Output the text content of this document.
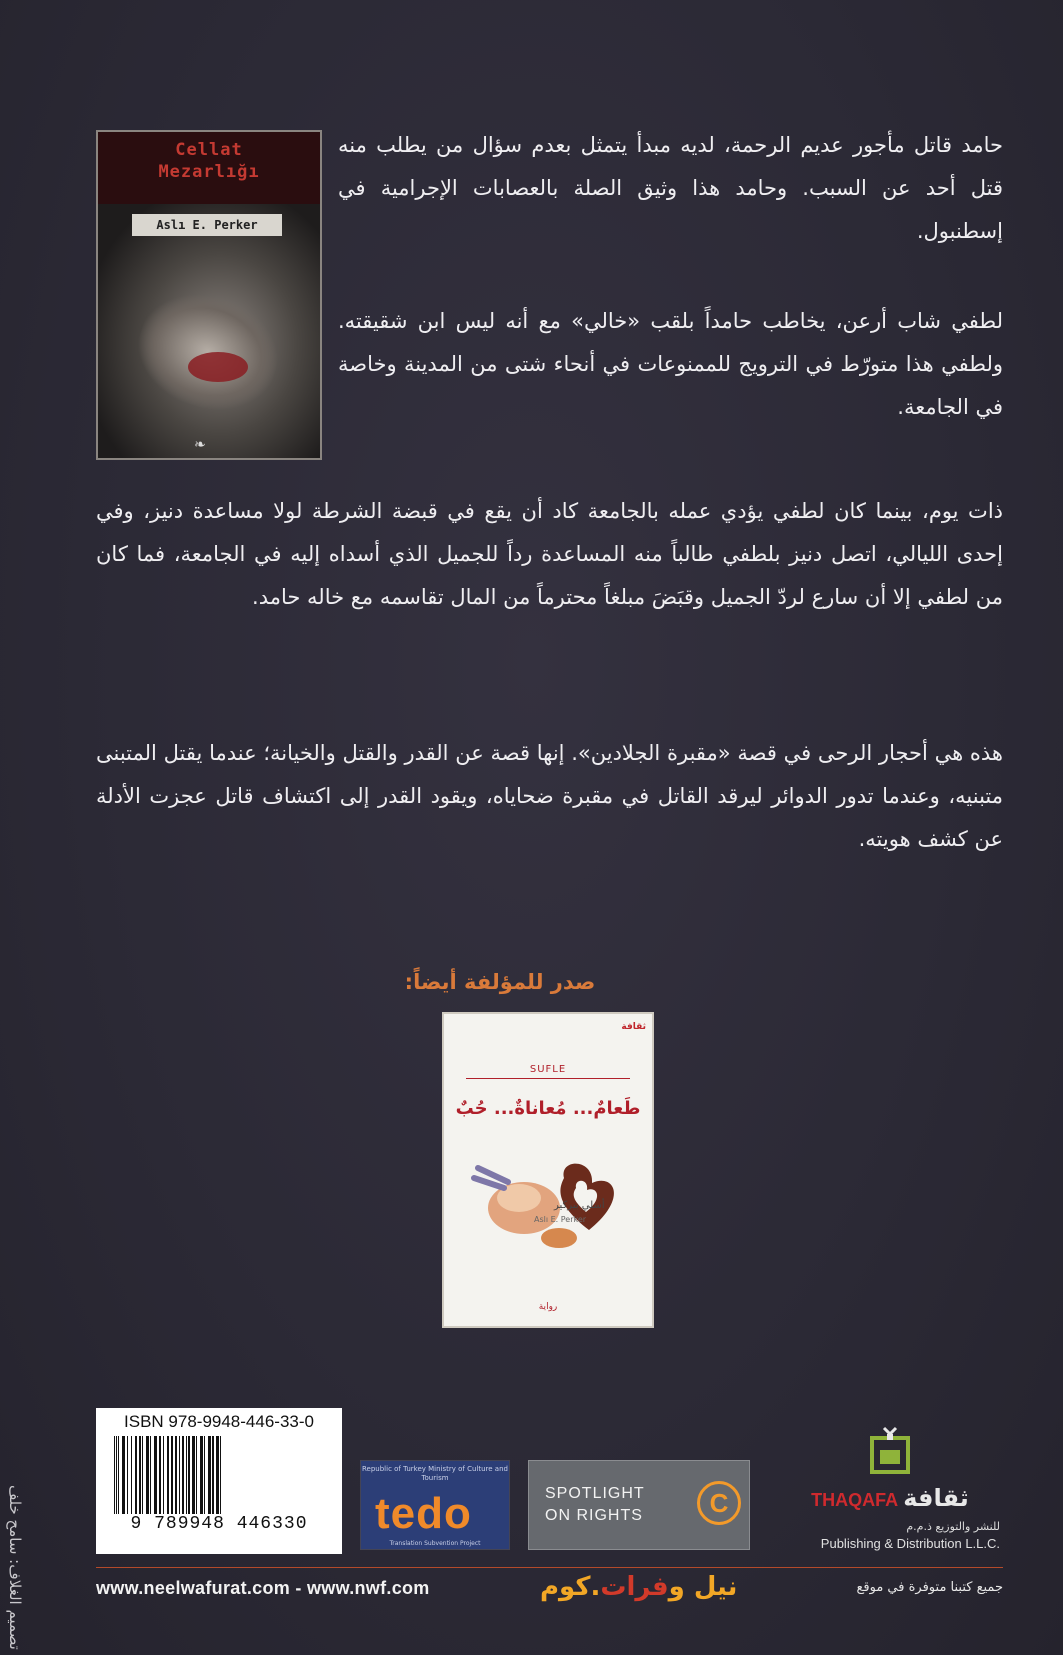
Cellat
Mezarlığı
Aslı E. Perker
❧

حامد قاتل مأجور عديم الرحمة، لديه مبدأ يتمثل بعدم سؤال من يطلب منه قتل أحد عن السبب. وحامد هذا وثيق الصلة بالعصابات الإجرامية في إسطنبول.

لطفي شاب أرعن، يخاطب حامداً بلقب «خالي» مع أنه ليس ابن شقيقته. ولطفي هذا متورّط في الترويج للممنوعات في أنحاء شتى من المدينة وخاصة في الجامعة.

ذات يوم، بينما كان لطفي يؤدي عمله بالجامعة كاد أن يقع في قبضة الشرطة لولا مساعدة دنيز، وفي إحدى الليالي، اتصل دنيز بلطفي طالباً منه المساعدة رداً للجميل الذي أسداه إليه في الجامعة، فما كان من لطفي إلا أن سارع لردّ الجميل وقبَضَ مبلغاً محترماً من المال تقاسمه مع خاله حامد.

هذه هي أحجار الرحى في قصة «مقبرة الجلادين». إنها قصة عن القدر والقتل والخيانة؛ عندما يقتل المتبنى متبنيه، وعندما تدور الدوائر ليرقد القاتل في مقبرة ضحاياه، ويقود القدر إلى اكتشاف قاتل عجزت الأدلة عن كشف هويته.

صدر للمؤلفة أيضاً:
ثقافة
SUFLE
طَعامٌ... مُعاناةٌ... حُبٌ
أسلي بيركير
Aslı E. Perker
رواية
تصميم الغلاف: سامح خلف
ISBN 978-9948-446-33-0
9 789948 446330
Republic of Turkey Ministry of Culture and Tourism
tedo
Translation Subvention Project
SPOTLIGHT
ON RIGHTS	C	THAQAFA ثقافة
للنشر والتوزيع ذ.م.م
Publishing & Distribution L.L.C.
www.neelwafurat.com - www.nwf.com	نيل وفرات.كوم	جميع كتبنا متوفرة في موقع
